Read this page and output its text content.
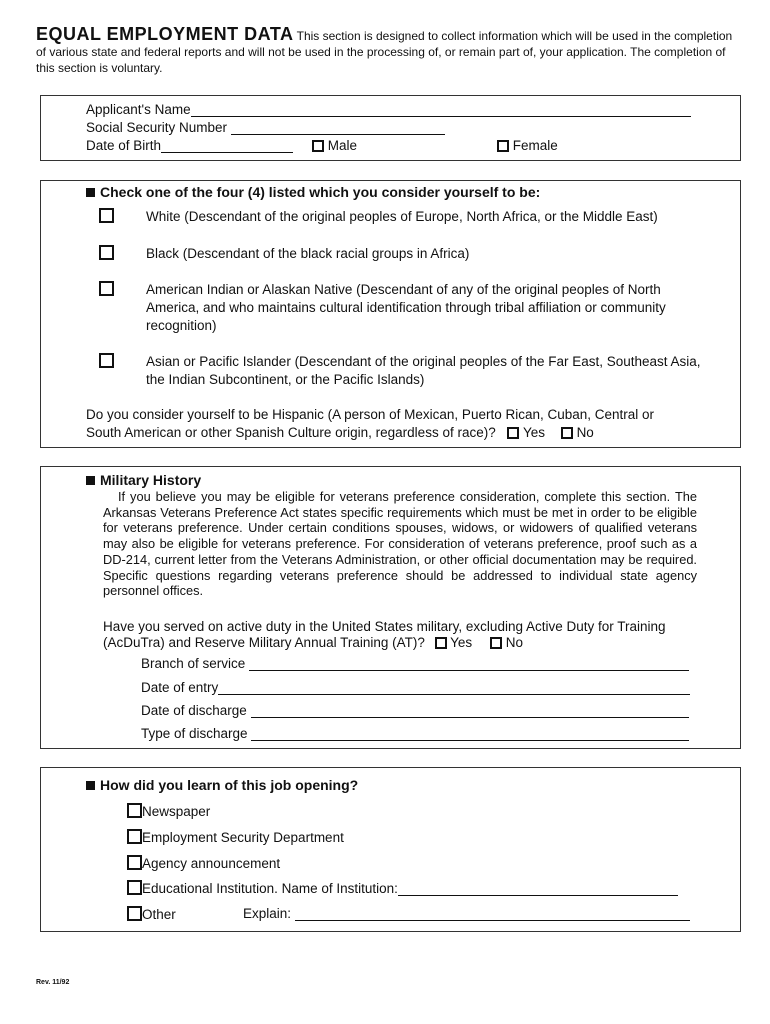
EQUAL EMPLOYMENT DATA This section is designed to collect information which will be used in the completion of various state and federal reports and will not be used in the processing of, or remain part of, your application. The completion of this section is voluntary.
Applicant's Name
Social Security Number
Date of Birth	Male	Female
Check one of the four (4) listed which you consider yourself to be:
White (Descendant of the original peoples of Europe, North Africa, or the Middle East)
Black (Descendant of the black racial groups in Africa)
American Indian or Alaskan Native (Descendant of any of the original peoples of North America, and who maintains cultural identification through tribal affiliation or community recognition)
Asian or Pacific Islander (Descendant of the original peoples of the Far East, Southeast Asia, the Indian Subcontinent, or the Pacific Islands)
Do you consider yourself to be Hispanic (A person of Mexican, Puerto Rican, Cuban, Central or
South American or other Spanish Culture origin, regardless of race)? Yes No
Military History
If you believe you may be eligible for veterans preference consideration, complete this section. The Arkansas Veterans Preference Act states specific requirements which must be met in order to be eligible for veterans preference. Under certain conditions spouses, widows, or widowers of qualified veterans may also be eligible for veterans preference. For consideration of veterans preference, proof such as a DD-214, current letter from the Veterans Administration, or other official documentation may be required. Specific questions regarding veterans preference should be addressed to individual state agency personnel offices.
Have you served on active duty in the United States military, excluding Active Duty for Training
(AcDuTra) and Reserve Military Annual Training (AT)? Yes No
Branch of service
Date of entry
Date of discharge
Type of discharge
How did you learn of this job opening?
Newspaper
Employment Security Department
Agency announcement
Educational Institution. Name of Institution:
Other	Explain:
Rev. 11/92
